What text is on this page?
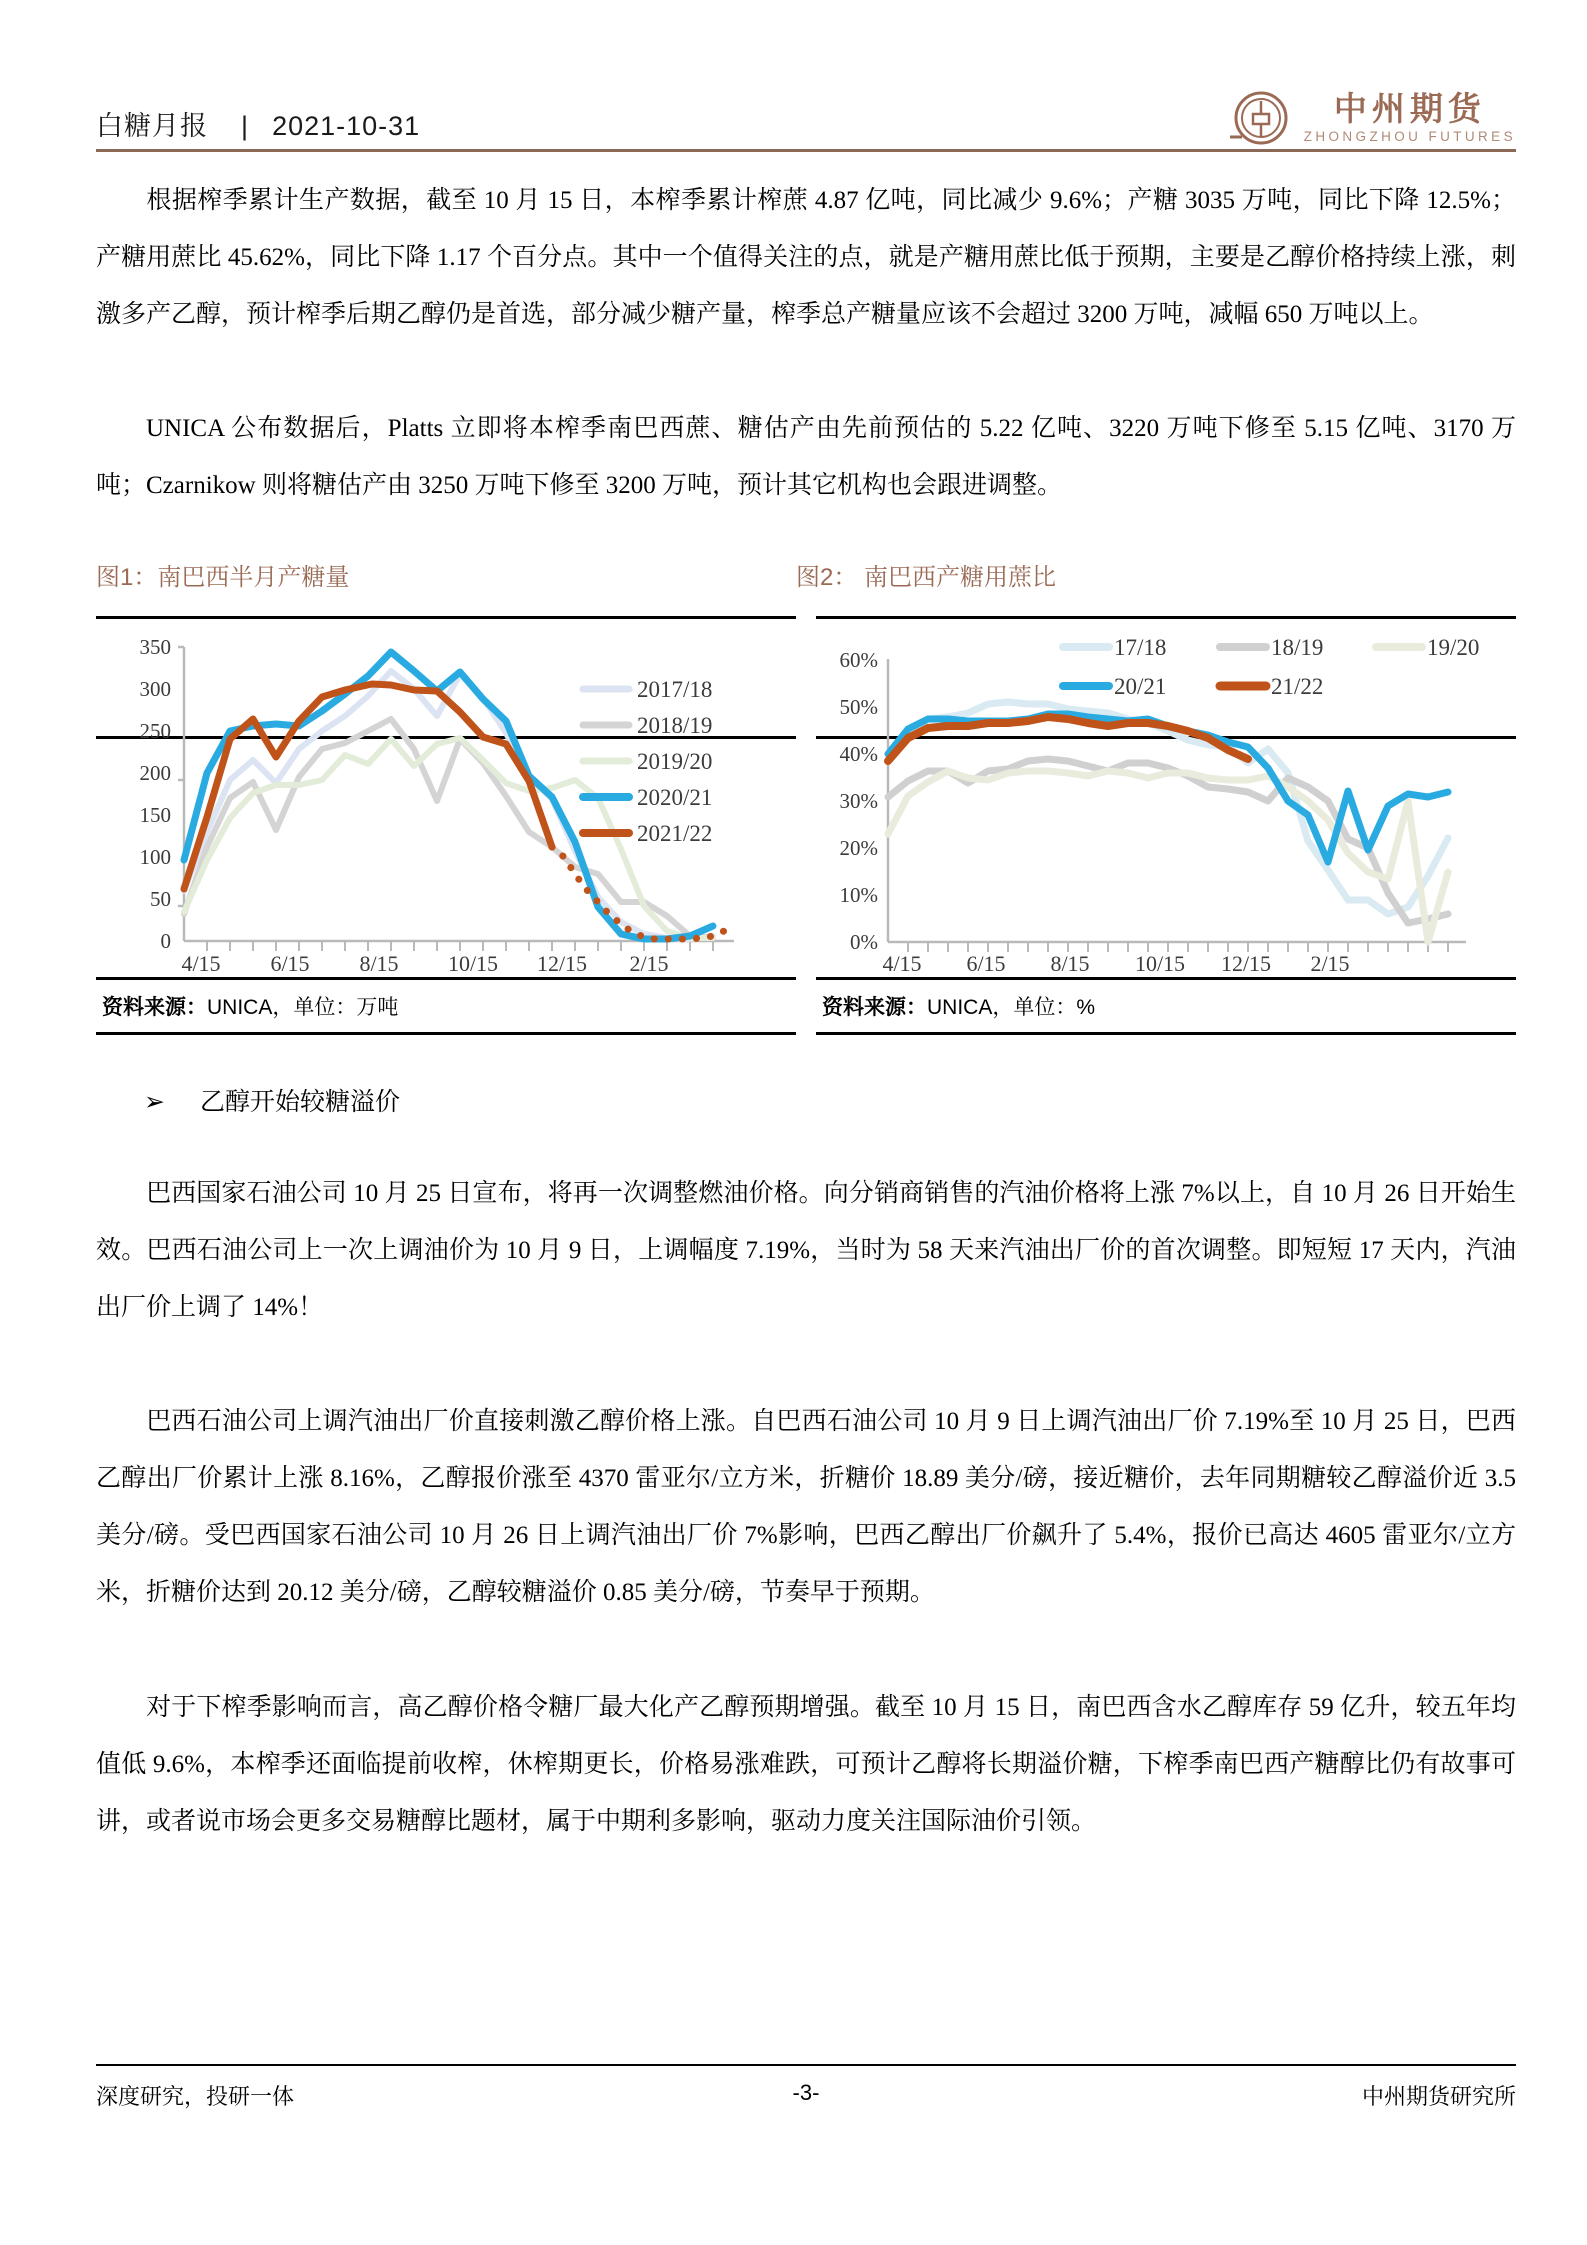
白糖月报 | 2021-10-31	中州期货
ZHONGZHOU FUTURES
根据榨季累计生产数据，截至 10 月 15 日，本榨季累计榨蔗 4.87 亿吨，同比减少 9.6%；产糖 3035 万吨，同比下降 12.5%；产糖用蔗比 45.62%，同比下降 1.17 个百分点。其中一个值得关注的点，就是产糖用蔗比低于预期，主要是乙醇价格持续上涨，刺激多产乙醇，预计榨季后期乙醇仍是首选，部分减少糖产量，榨季总产糖量应该不会超过 3200 万吨，减幅 650 万吨以上。
UNICA 公布数据后，Platts 立即将本榨季南巴西蔗、糖估产由先前预估的 5.22 亿吨、3220 万吨下修至 5.15 亿吨、3170 万吨；Czarnikow 则将糖估产由 3250 万吨下修至 3200 万吨，预计其它机构也会跟进调整。
图1：南巴西半月产糖量	图2： 南巴西产糖用蔗比
350
300
250
200
150
100
50
0
2017/18
2018/19
2019/20
2020/21
2021/22
4/15 6/15 8/15 10/15 12/15 2/15
资料来源：UNICA，单位：万吨
60%
50%
40%
30%
20%
10%
0%
17/18	18/19	19/20
20/21	21/22
4/15 6/15 8/15 10/15 12/15 2/15
资料来源：UNICA，单位：%
➢ 乙醇开始较糖溢价
巴西国家石油公司 10 月 25 日宣布，将再一次调整燃油价格。向分销商销售的汽油价格将上涨 7%以上，自 10 月 26 日开始生效。巴西石油公司上一次上调油价为 10 月 9 日，上调幅度 7.19%，当时为 58 天来汽油出厂价的首次调整。即短短 17 天内，汽油出厂价上调了 14%！
巴西石油公司上调汽油出厂价直接刺激乙醇价格上涨。自巴西石油公司 10 月 9 日上调汽油出厂价 7.19%至 10 月 25 日，巴西乙醇出厂价累计上涨 8.16%，乙醇报价涨至 4370 雷亚尔/立方米，折糖价 18.89 美分/磅，接近糖价，去年同期糖较乙醇溢价近 3.5 美分/磅。受巴西国家石油公司 10 月 26 日上调汽油出厂价 7%影响，巴西乙醇出厂价飙升了 5.4%，报价已高达 4605 雷亚尔/立方米，折糖价达到 20.12 美分/磅，乙醇较糖溢价 0.85 美分/磅，节奏早于预期。
对于下榨季影响而言，高乙醇价格令糖厂最大化产乙醇预期增强。截至 10 月 15 日，南巴西含水乙醇库存 59 亿升，较五年均值低 9.6%，本榨季还面临提前收榨，休榨期更长，价格易涨难跌，可预计乙醇将长期溢价糖，下榨季南巴西产糖醇比仍有故事可讲，或者说市场会更多交易糖醇比题材，属于中期利多影响，驱动力度关注国际油价引领。
深度研究，投研一体	-3-	中州期货研究所
